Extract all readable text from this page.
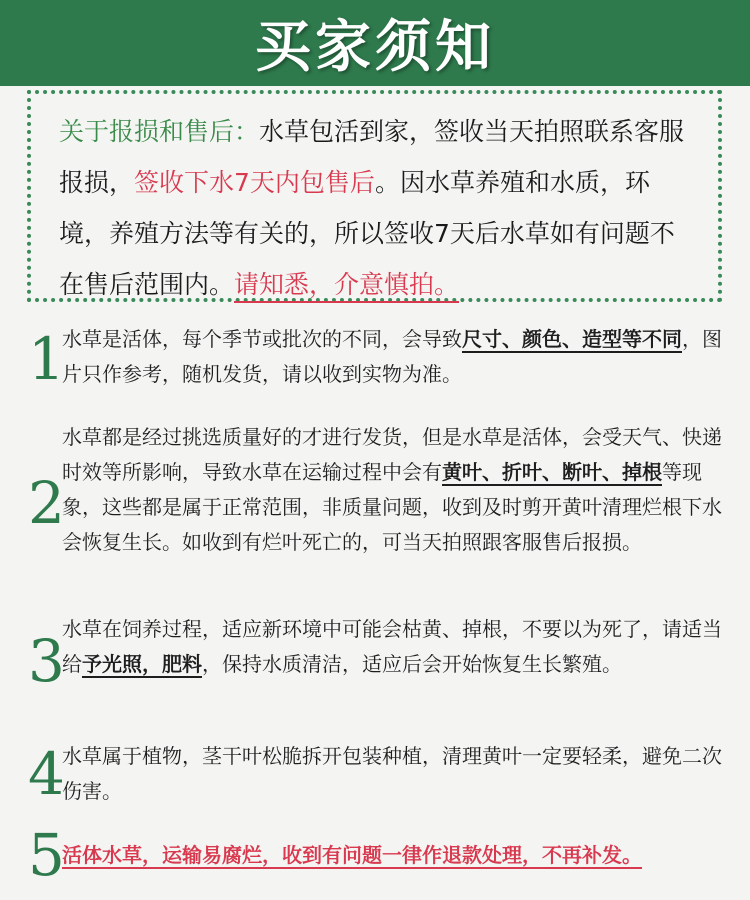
买家须知

关于报损和售后：水草包活到家，签收当天拍照联系客服报损，签收下水7天内包售后。因水草养殖和水质，环境，养殖方法等有关的，所以签收7天后水草如有问题不在售后范围内。请知悉，介意慎拍。

1
水草是活体，每个季节或批次的不同，会导致尺寸、颜色、造型等不同，图片只作参考，随机发货，请以收到实物为准。
2
水草都是经过挑选质量好的才进行发货，但是水草是活体，会受天气、快递时效等所影响，导致水草在运输过程中会有黄叶、折叶、断叶、掉根等现象，这些都是属于正常范围，非质量问题，收到及时剪开黄叶清理烂根下水会恢复生长。如收到有烂叶死亡的，可当天拍照跟客服售后报损。
3
水草在饲养过程，适应新环境中可能会枯黄、掉根，不要以为死了，请适当给予光照，肥料，保持水质清洁，适应后会开始恢复生长繁殖。
4
水草属于植物，茎干叶松脆拆开包装种植，清理黄叶一定要轻柔，避免二次伤害。
5
活体水草，运输易腐烂，收到有问题一律作退款处理，不再补发。
